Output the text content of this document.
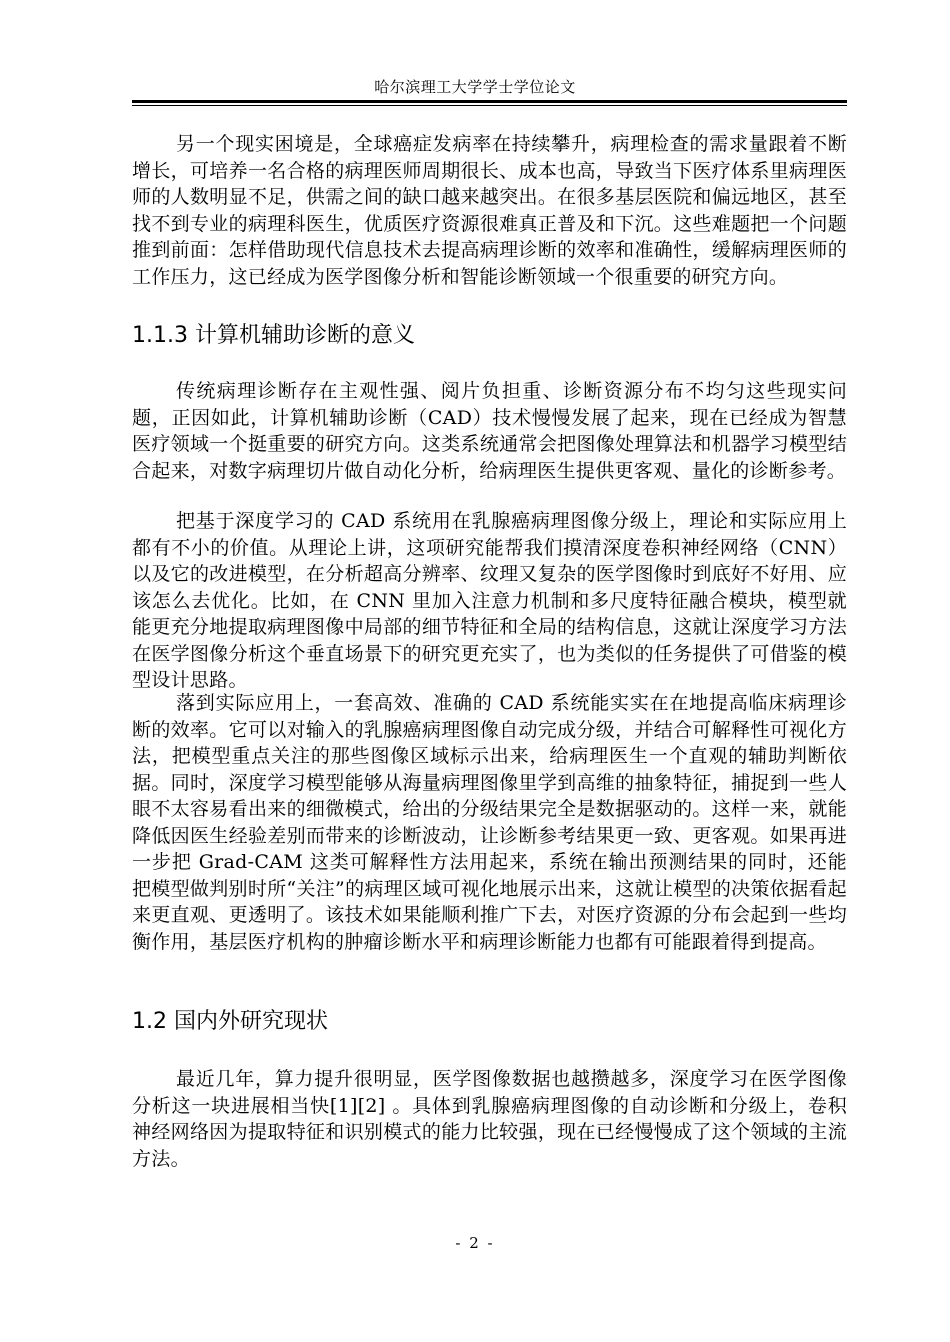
哈尔滨理工大学学士学位论文

另一个现实困境是，全球癌症发病率在持续攀升，病理检查的需求量跟着不断增长，可培养一名合格的病理医师周期很长、成本也高，导致当下医疗体系里病理医师的人数明显不足，供需之间的缺口越来越突出。在很多基层医院和偏远地区，甚至找不到专业的病理科医生，优质医疗资源很难真正普及和下沉。这些难题把一个问题推到前面：怎样借助现代信息技术去提高病理诊断的效率和准确性，缓解病理医师的工作压力，这已经成为医学图像分析和智能诊断领域一个很重要的研究方向。

1.1.3 计算机辅助诊断的意义

传统病理诊断存在主观性强、阅片负担重、诊断资源分布不均匀这些现实问题，正因如此，计算机辅助诊断（CAD）技术慢慢发展了起来，现在已经成为智慧医疗领域一个挺重要的研究方向。这类系统通常会把图像处理算法和机器学习模型结合起来，对数字病理切片做自动化分析，给病理医生提供更客观、量化的诊断参考。

把基于深度学习的 CAD 系统用在乳腺癌病理图像分级上，理论和实际应用上都有不小的价值。从理论上讲，这项研究能帮我们摸清深度卷积神经网络（CNN）以及它的改进模型，在分析超高分辨率、纹理又复杂的医学图像时到底好不好用、应该怎么去优化。比如，在 CNN 里加入注意力机制和多尺度特征融合模块，模型就能更充分地提取病理图像中局部的细节特征和全局的结构信息，这就让深度学习方法在医学图像分析这个垂直场景下的研究更充实了，也为类似的任务提供了可借鉴的模型设计思路。

落到实际应用上，一套高效、准确的 CAD 系统能实实在在地提高临床病理诊断的效率。它可以对输入的乳腺癌病理图像自动完成分级，并结合可解释性可视化方法，把模型重点关注的那些图像区域标示出来，给病理医生一个直观的辅助判断依据。同时，深度学习模型能够从海量病理图像里学到高维的抽象特征，捕捉到一些人眼不太容易看出来的细微模式，给出的分级结果完全是数据驱动的。这样一来，就能降低因医生经验差别而带来的诊断波动，让诊断参考结果更一致、更客观。如果再进一步把 Grad-CAM 这类可解释性方法用起来，系统在输出预测结果的同时，还能把模型做判别时所“关注”的病理区域可视化地展示出来，这就让模型的决策依据看起来更直观、更透明了。该技术如果能顺利推广下去，对医疗资源的分布会起到一些均衡作用，基层医疗机构的肿瘤诊断水平和病理诊断能力也都有可能跟着得到提高。

1.2 国内外研究现状

最近几年，算力提升很明显，医学图像数据也越攒越多，深度学习在医学图像分析这一块进展相当快[1][2] 。具体到乳腺癌病理图像的自动诊断和分级上，卷积神经网络因为提取特征和识别模式的能力比较强，现在已经慢慢成了这个领域的主流方法。

- 2 -
